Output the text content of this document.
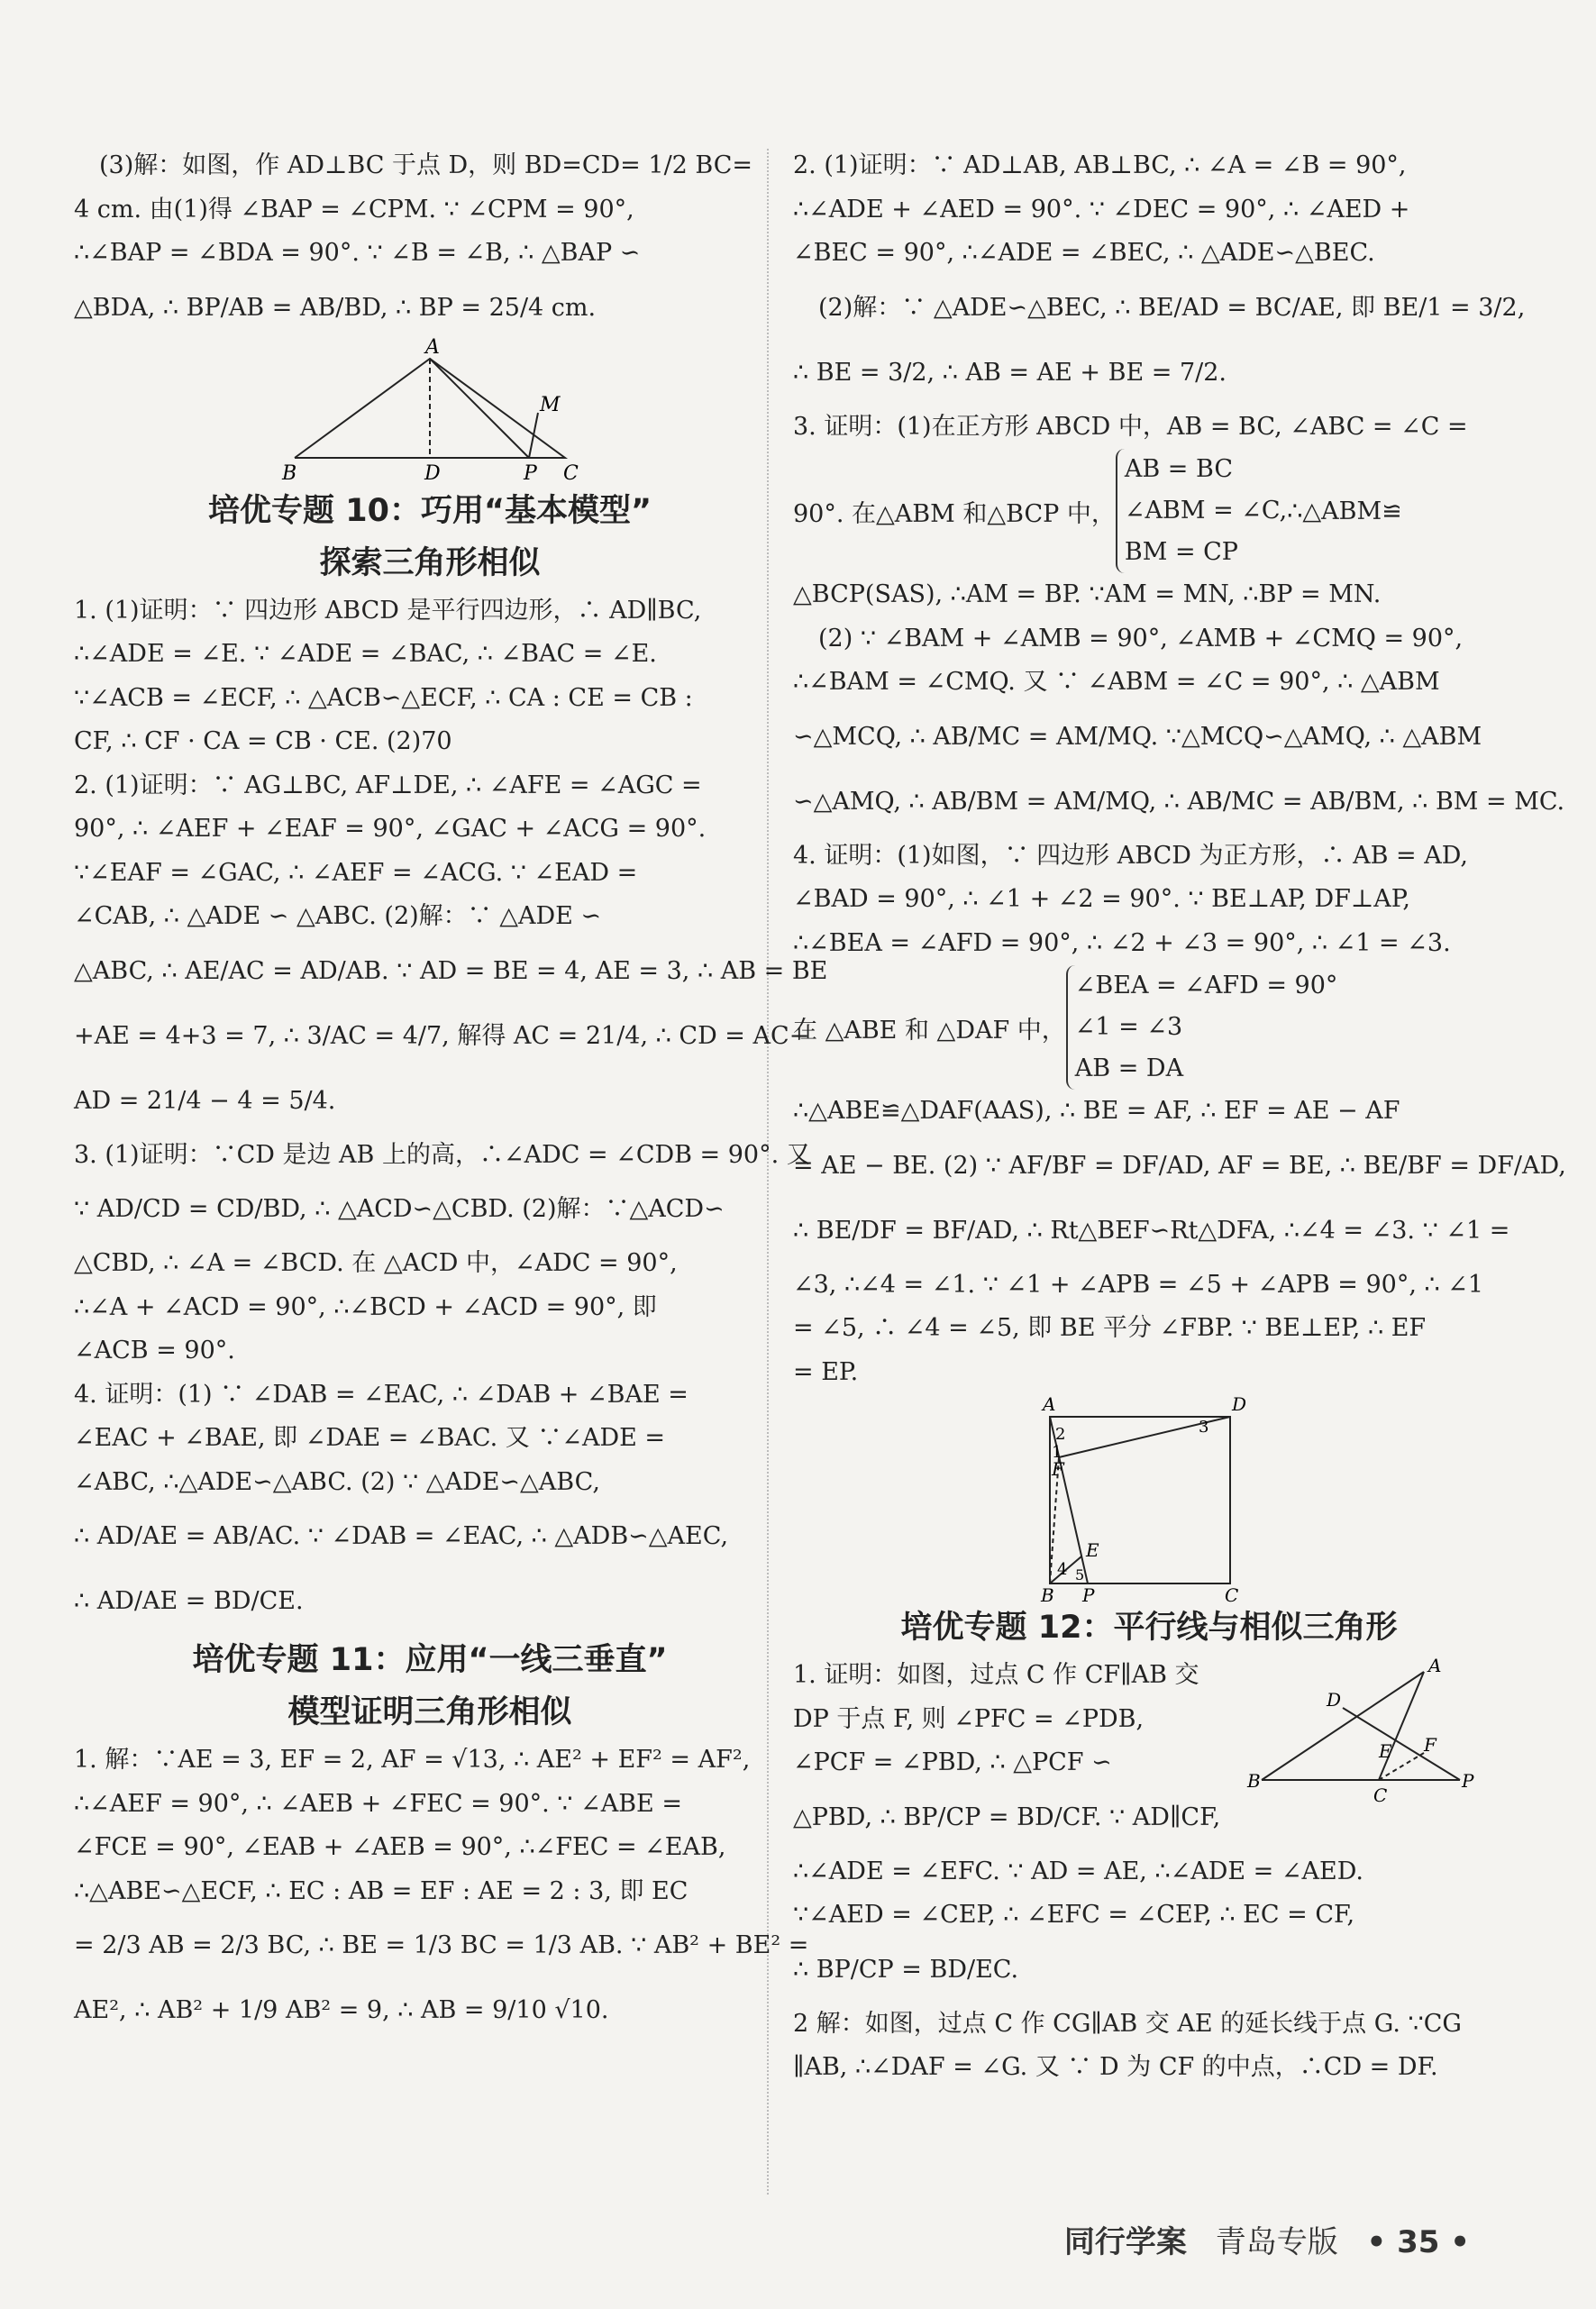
(3)解：如图，作 AD⊥BC 于点 D，则 BD=CD= 1/2 BC=

4 cm. 由(1)得 ∠BAP = ∠CPM. ∵ ∠CPM = 90°,

∴∠BAP = ∠BDA = 90°. ∵ ∠B = ∠B, ∴ △BAP ∽

△BDA, ∴ BP/AB = AB/BD, ∴ BP = 25/4 cm.

A
M
B	D	P C

培优专题 10：巧用“基本模型”

探索三角形相似

1. (1)证明：∵ 四边形 ABCD 是平行四边形，∴ AD∥BC,

∴∠ADE = ∠E. ∵ ∠ADE = ∠BAC, ∴ ∠BAC = ∠E.

∵∠ACB = ∠ECF, ∴ △ACB∽△ECF, ∴ CA : CE = CB :

CF, ∴ CF · CA = CB · CE. (2)70

2. (1)证明：∵ AG⊥BC, AF⊥DE, ∴ ∠AFE = ∠AGC =

90°, ∴ ∠AEF + ∠EAF = 90°, ∠GAC + ∠ACG = 90°.

∵∠EAF = ∠GAC, ∴ ∠AEF = ∠ACG. ∵ ∠EAD =

∠CAB, ∴ △ADE ∽ △ABC. (2)解：∵ △ADE ∽

△ABC, ∴ AE/AC = AD/AB. ∵ AD = BE = 4, AE = 3, ∴ AB = BE

+AE = 4+3 = 7, ∴ 3/AC = 4/7, 解得 AC = 21/4, ∴ CD = AC−

AD = 21/4 − 4 = 5/4.

3. (1)证明：∵CD 是边 AB 上的高，∴∠ADC = ∠CDB = 90°. 又

∵ AD/CD = CD/BD, ∴ △ACD∽△CBD. (2)解：∵△ACD∽

△CBD, ∴ ∠A = ∠BCD. 在 △ACD 中，∠ADC = 90°,

∴∠A + ∠ACD = 90°, ∴∠BCD + ∠ACD = 90°, 即

∠ACB = 90°.

4. 证明：(1) ∵ ∠DAB = ∠EAC, ∴ ∠DAB + ∠BAE =

∠EAC + ∠BAE, 即 ∠DAE = ∠BAC. 又 ∵∠ADE =

∠ABC, ∴△ADE∽△ABC. (2) ∵ △ADE∽△ABC,

∴ AD/AE = AB/AC. ∵ ∠DAB = ∠EAC, ∴ △ADB∽△AEC,

∴ AD/AE = BD/CE.

培优专题 11：应用“一线三垂直”

模型证明三角形相似

1. 解：∵AE = 3, EF = 2, AF = √13, ∴ AE² + EF² = AF²,

∴∠AEF = 90°, ∴ ∠AEB + ∠FEC = 90°. ∵ ∠ABE =

∠FCE = 90°, ∠EAB + ∠AEB = 90°, ∴∠FEC = ∠EAB,

∴△ABE∽△ECF, ∴ EC : AB = EF : AE = 2 : 3, 即 EC

= 2/3 AB = 2/3 BC, ∴ BE = 1/3 BC = 1/3 AB. ∵ AB² + BE² =

AE², ∴ AB² + 1/9 AB² = 9, ∴ AB = 9/10 √10.

2. (1)证明：∵ AD⊥AB, AB⊥BC, ∴ ∠A = ∠B = 90°,

∴∠ADE + ∠AED = 90°. ∵ ∠DEC = 90°, ∴ ∠AED +

∠BEC = 90°, ∴∠ADE = ∠BEC, ∴ △ADE∽△BEC.

(2)解：∵ △ADE∽△BEC, ∴ BE/AD = BC/AE, 即 BE/1 = 3/2,

∴ BE = 3/2, ∴ AB = AE + BE = 7/2.

3. 证明：(1)在正方形 ABCD 中，AB = BC, ∠ABC = ∠C =

90°. 在△ABM 和△BCP 中，
AB = BC
∠ABM = ∠C,
BM = CP
∴△ABM≌

△BCP(SAS), ∴AM = BP. ∵AM = MN, ∴BP = MN.

(2) ∵ ∠BAM + ∠AMB = 90°, ∠AMB + ∠CMQ = 90°,

∴∠BAM = ∠CMQ. 又 ∵ ∠ABM = ∠C = 90°, ∴ △ABM

∽△MCQ, ∴ AB/MC = AM/MQ. ∵△MCQ∽△AMQ, ∴ △ABM

∽△AMQ, ∴ AB/BM = AM/MQ, ∴ AB/MC = AB/BM, ∴ BM = MC.

4. 证明：(1)如图，∵ 四边形 ABCD 为正方形，∴ AB = AD,

∠BAD = 90°, ∴ ∠1 + ∠2 = 90°. ∵ BE⊥AP, DF⊥AP,

∴∠BEA = ∠AFD = 90°, ∴ ∠2 + ∠3 = 90°, ∴ ∠1 = ∠3.

在 △ABE 和 △DAF 中，
∠BEA = ∠AFD = 90°
∠1 = ∠3
AB = DA

∴△ABE≌△DAF(AAS), ∴ BE = AF, ∴ EF = AE − AF

= AE − BE. (2) ∵ AF/BF = DF/AD, AF = BE, ∴ BE/BF = DF/AD,

∴ BE/DF = BF/AD, ∴ Rt△BEF∽Rt△DFA, ∴∠4 = ∠3. ∵ ∠1 =

∠3, ∴∠4 = ∠1. ∵ ∠1 + ∠APB = ∠5 + ∠APB = 90°, ∴ ∠1

= ∠5, ∴ ∠4 = ∠5, 即 BE 平分 ∠FBP. ∵ BE⊥EP, ∴ EF

= EP.

A	D
2	3
1
F
E
4 5
B P	C

培优专题 12：平行线与相似三角形

1. 证明：如图，过点 C 作 CF∥AB 交

DP 于点 F, 则 ∠PFC = ∠PDB,

∠PCF = ∠PBD, ∴ △PCF ∽

△PBD, ∴ BP/CP = BD/CF. ∵ AD∥CF,

A
D
F
E
B
C
P

∴∠ADE = ∠EFC. ∵ AD = AE, ∴∠ADE = ∠AED.

∵∠AED = ∠CEP, ∴ ∠EFC = ∠CEP, ∴ EC = CF,

∴ BP/CP = BD/EC.

2 解：如图，过点 C 作 CG∥AB 交 AE 的延长线于点 G. ∵CG

∥AB, ∴∠DAF = ∠G. 又 ∵ D 为 CF 的中点，∴CD = DF.

同行学案 青岛专版 • 35 •
